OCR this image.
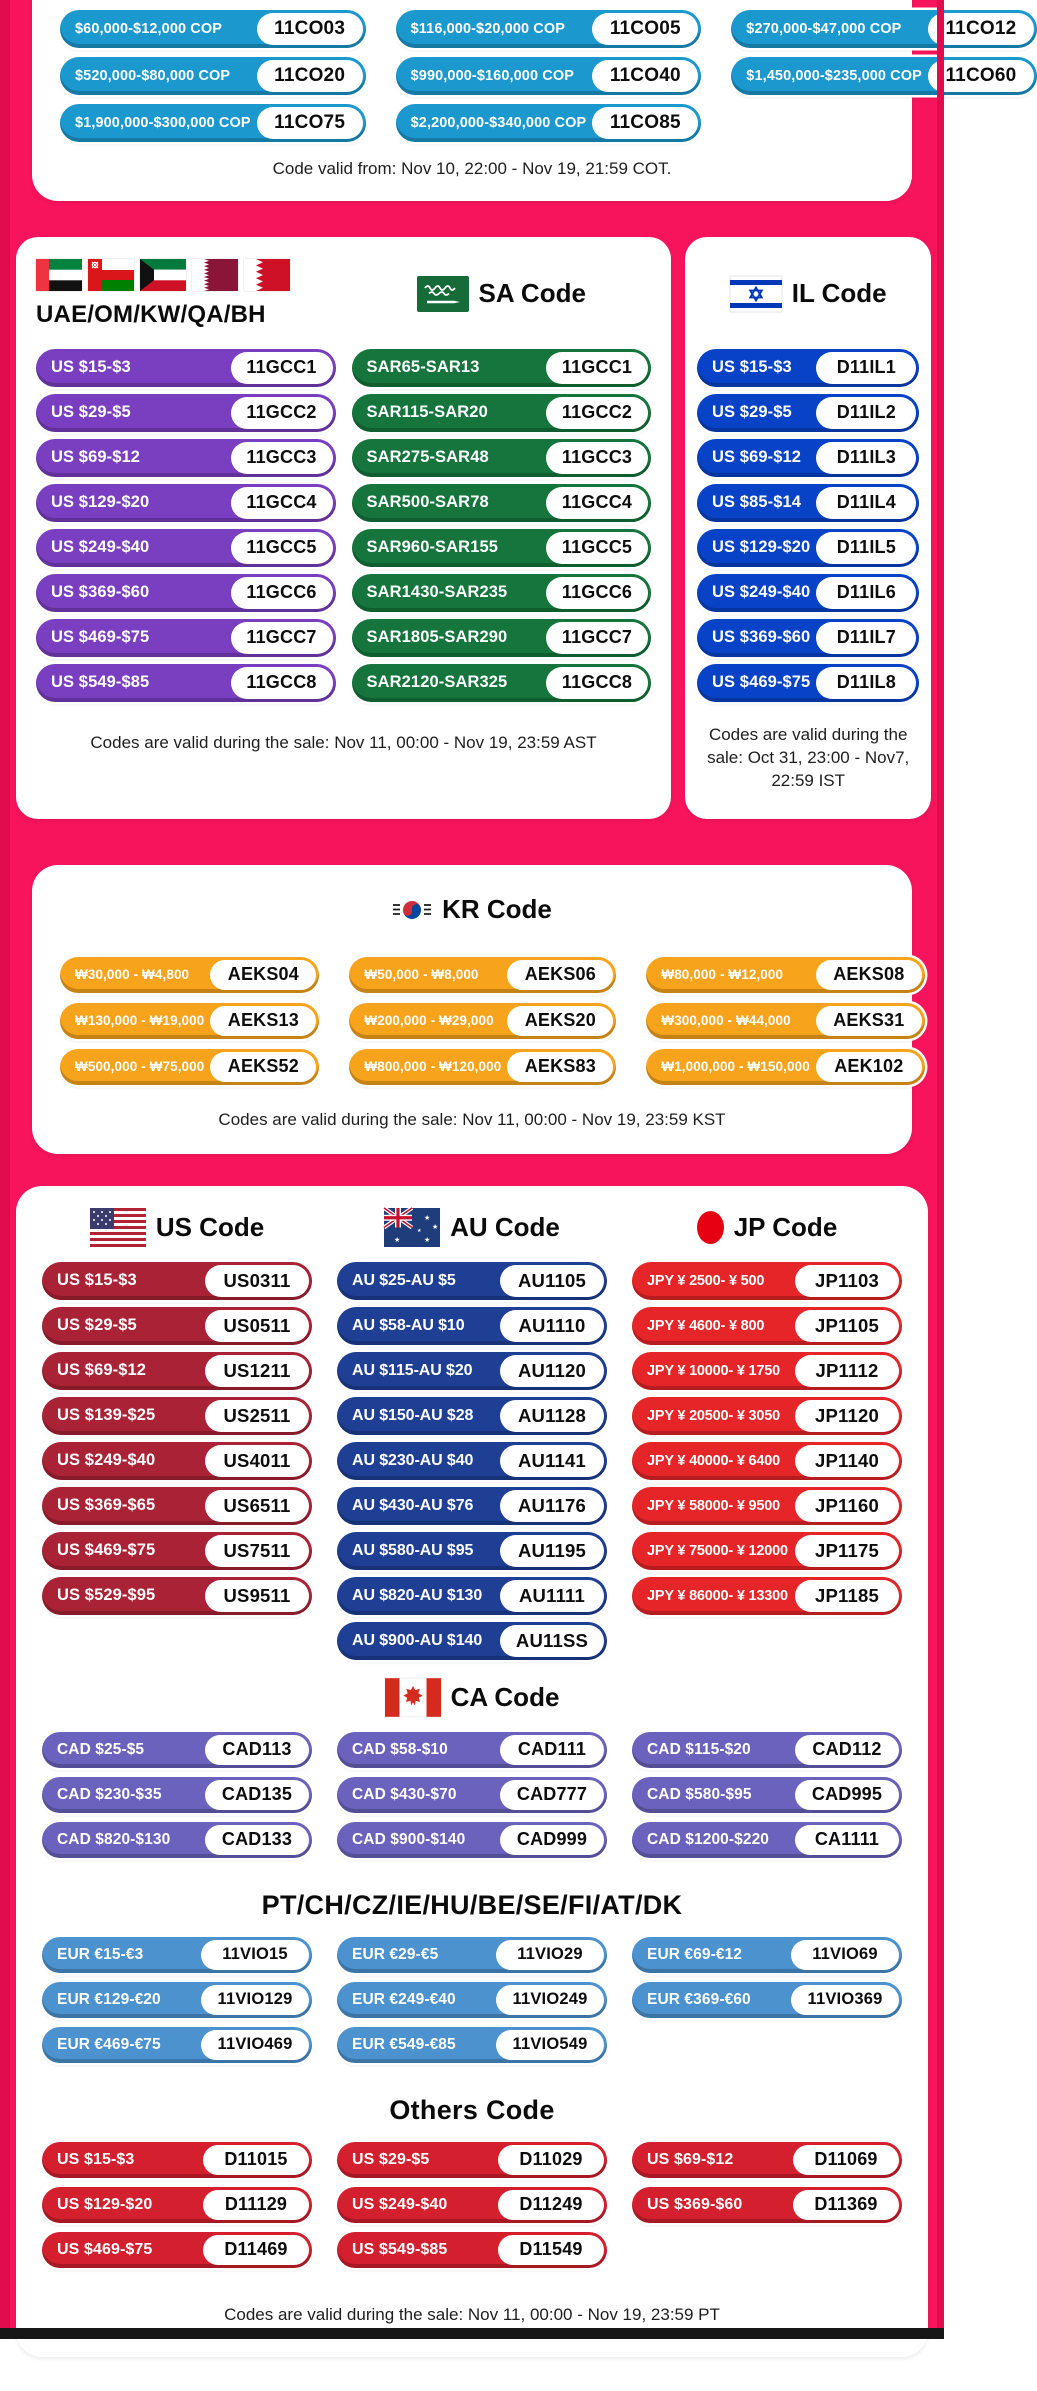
$60,000-$12,000 COP	11CO03	$116,000-$20,000 COP	11CO05	$270,000-$47,000 COP	11CO12
$520,000-$80,000 COP	11CO20	$990,000-$160,000 COP	11CO40	$1,450,000-$235,000 COP	11CO60
$1,900,000-$300,000 COP	11CO75	$2,200,000-$340,000 COP	11CO85
Code valid from: Nov 10, 22:00 - Nov 19, 21:59 COT.
UAE/OM/KW/QA/BH
US $15-$3	11GCC1
US $29-$5	11GCC2
US $69-$12	11GCC3
US $129-$20	11GCC4
US $249-$40	11GCC5
US $369-$60	11GCC6
US $469-$75	11GCC7
US $549-$85	11GCC8
SA Code
SAR65-SAR13	11GCC1
SAR115-SAR20	11GCC2
SAR275-SAR48	11GCC3
SAR500-SAR78	11GCC4
SAR960-SAR155	11GCC5
SAR1430-SAR235	11GCC6
SAR1805-SAR290	11GCC7
SAR2120-SAR325	11GCC8
Codes are valid during the sale: Nov 11, 00:00 - Nov 19, 23:59 AST
IL Code
US $15-$3	D11IL1
US $29-$5	D11IL2
US $69-$12	D11IL3
US $85-$14	D11IL4
US $129-$20	D11IL5
US $249-$40	D11IL6
US $369-$60	D11IL7
US $469-$75	D11IL8
Codes are valid during the sale: Oct 31, 23:00 - Nov7, 22:59 IST
KR Code
₩30,000 - ₩4,800	AEKS04	₩50,000 - ₩8,000	AEKS06	₩80,000 - ₩12,000	AEKS08
₩130,000 - ₩19,000	AEKS13	₩200,000 - ₩29,000	AEKS20	₩300,000 - ₩44,000	AEKS31
₩500,000 - ₩75,000	AEKS52	₩800,000 - ₩120,000	AEKS83	₩1,000,000 - ₩150,000	AEK102
Codes are valid during the sale: Nov 11, 00:00 - Nov 19, 23:59 KST
US Code
US $15-$3	US0311
US $29-$5	US0511
US $69-$12	US1211
US $139-$25	US2511
US $249-$40	US4011
US $369-$65	US6511
US $469-$75	US7511
US $529-$95	US9511
★
★
★
★
★ AU Code
AU $25-AU $5	AU1105
AU $58-AU $10	AU1110
AU $115-AU $20	AU1120
AU $150-AU $28	AU1128
AU $230-AU $40	AU1141
AU $430-AU $76	AU1176
AU $580-AU $95	AU1195
AU $820-AU $130	AU1111
AU $900-AU $140	AU11SS
JP Code
JPY ¥ 2500- ¥ 500	JP1103
JPY ¥ 4600- ¥ 800	JP1105
JPY ¥ 10000- ¥ 1750	JP1112
JPY ¥ 20500- ¥ 3050	JP1120
JPY ¥ 40000- ¥ 6400	JP1140
JPY ¥ 58000- ¥ 9500	JP1160
JPY ¥ 75000- ¥ 12000	JP1175
JPY ¥ 86000- ¥ 13300	JP1185
CA Code
CAD $25-$5	CAD113	CAD $58-$10	CAD111	CAD $115-$20	CAD112
CAD $230-$35	CAD135	CAD $430-$70	CAD777	CAD $580-$95	CAD995
CAD $820-$130	CAD133	CAD $900-$140	CAD999	CAD $1200-$220	CA1111
PT/CH/CZ/IE/HU/BE/SE/FI/AT/DK
EUR €15-€3	11VIO15	EUR €29-€5	11VIO29	EUR €69-€12	11VIO69
EUR €129-€20	11VIO129	EUR €249-€40	11VIO249	EUR €369-€60	11VIO369
EUR €469-€75	11VIO469	EUR €549-€85	11VIO549
Others Code
US $15-$3	D11015	US $29-$5	D11029	US $69-$12	D11069
US $129-$20	D11129	US $249-$40	D11249	US $369-$60	D11369
US $469-$75	D11469	US $549-$85	D11549
Codes are valid during the sale: Nov 11, 00:00 - Nov 19, 23:59 PT
